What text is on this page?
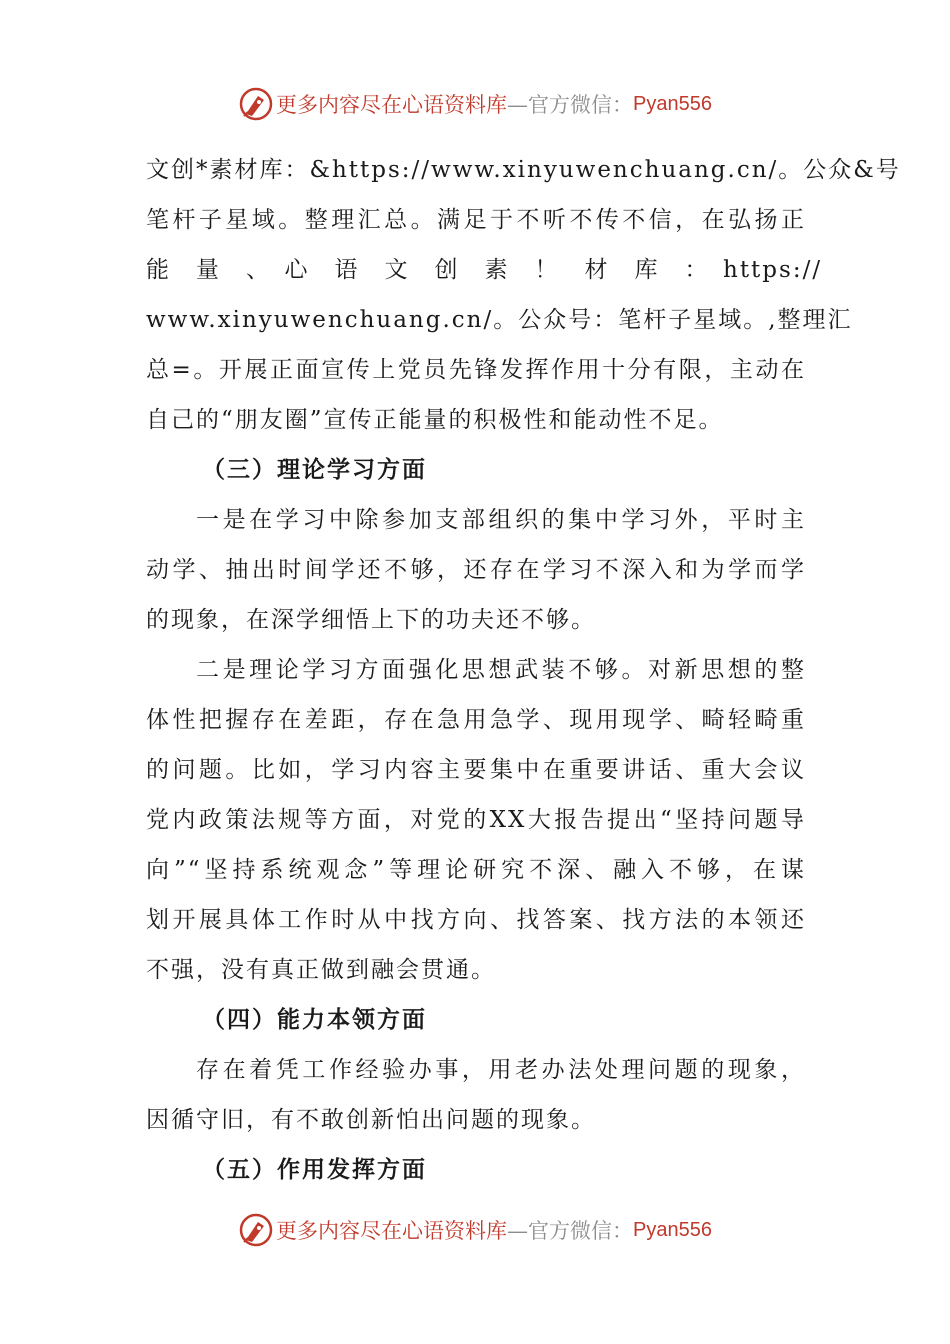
更多内容尽在心语资料库 —官方微信： Pyan556
文创*素材库：&https://www.xinyuwenchuang.cn/。公众&号
笔杆子星域。整理汇总。满足于不听不传不信，在弘扬正
能　量　、　心　语　文　创　素　！　材　库　：　https://
www.xinyuwenchuang.cn/。公众号：笔杆子星域。,整理汇
总=。开展正面宣传上党员先锋发挥作用十分有限，主动在
自己的“朋友圈”宣传正能量的积极性和能动性不足。
（三）理论学习方面
一是在学习中除参加支部组织的集中学习外，平时主
动学、抽出时间学还不够，还存在学习不深入和为学而学
的现象，在深学细悟上下的功夫还不够。
二是理论学习方面强化思想武装不够。对新思想的整
体性把握存在差距，存在急用急学、现用现学、畸轻畸重
的问题。比如，学习内容主要集中在重要讲话、重大会议
党内政策法规等方面，对党的XX大报告提出“坚持问题导
向”“坚持系统观念”等理论研究不深、融入不够，在谋
划开展具体工作时从中找方向、找答案、找方法的本领还
不强，没有真正做到融会贯通。
（四）能力本领方面
存在着凭工作经验办事，用老办法处理问题的现象，
因循守旧，有不敢创新怕出问题的现象。
（五）作用发挥方面
更多内容尽在心语资料库 —官方微信： Pyan556
